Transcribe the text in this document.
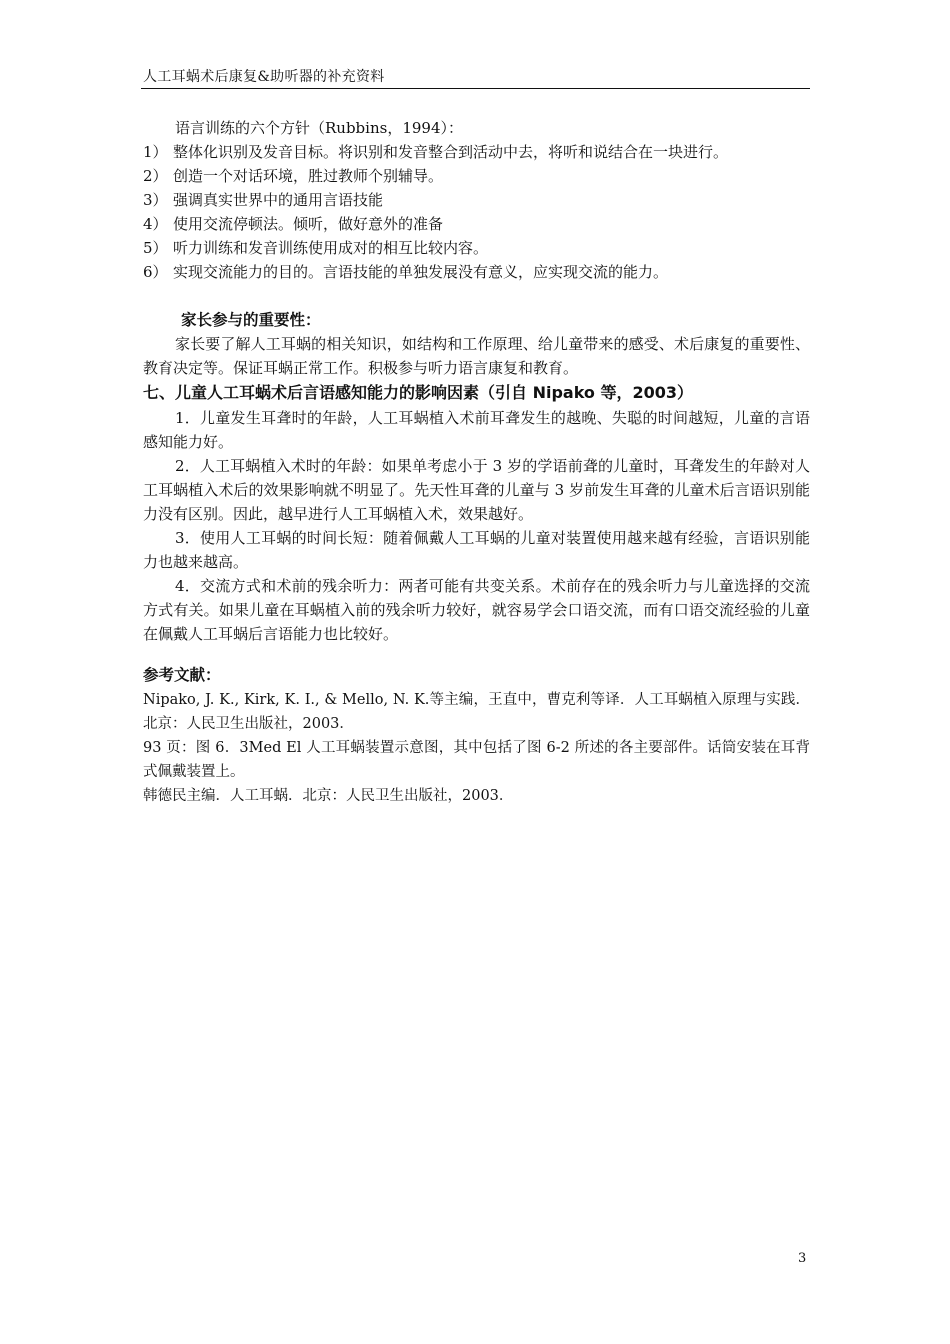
人工耳蜗术后康复&助听器的补充资料

语言训练的六个方针（Rubbins，1994）：

1） 整体化识别及发音目标。将识别和发音整合到活动中去，将听和说结合在一块进行。

2） 创造一个对话环境，胜过教师个别辅导。

3） 强调真实世界中的通用言语技能

4） 使用交流停顿法。倾听，做好意外的准备

5） 听力训练和发音训练使用成对的相互比较内容。

6） 实现交流能力的目的。言语技能的单独发展没有意义，应实现交流的能力。

家长参与的重要性：

家长要了解人工耳蜗的相关知识，如结构和工作原理、给儿童带来的感受、术后康复的重要性、教育决定等。保证耳蜗正常工作。积极参与听力语言康复和教育。

七、儿童人工耳蜗术后言语感知能力的影响因素（引自 Nipako 等，2003）

1．儿童发生耳聋时的年龄，人工耳蜗植入术前耳聋发生的越晚、失聪的时间越短，儿童的言语感知能力好。

2．人工耳蜗植入术时的年龄：如果单考虑小于 3 岁的学语前聋的儿童时，耳聋发生的年龄对人工耳蜗植入术后的效果影响就不明显了。先天性耳聋的儿童与 3 岁前发生耳聋的儿童术后言语识别能力没有区别。因此，越早进行人工耳蜗植入术，效果越好。

3．使用人工耳蜗的时间长短：随着佩戴人工耳蜗的儿童对装置使用越来越有经验，言语识别能力也越来越高。

4．交流方式和术前的残余听力：两者可能有共变关系。术前存在的残余听力与儿童选择的交流方式有关。如果儿童在耳蜗植入前的残余听力较好，就容易学会口语交流，而有口语交流经验的儿童在佩戴人工耳蜗后言语能力也比较好。

参考文献：

Nipako, J. K., Kirk, K. I., & Mello, N. K.等主编，王直中，曹克利等译．人工耳蜗植入原理与实践．北京：人民卫生出版社，2003．

93 页：图 6．3Med El 人工耳蜗装置示意图，其中包括了图 6-2 所述的各主要部件。话筒安装在耳背式佩戴装置上。

韩德民主编．人工耳蜗．北京：人民卫生出版社，2003．

3
